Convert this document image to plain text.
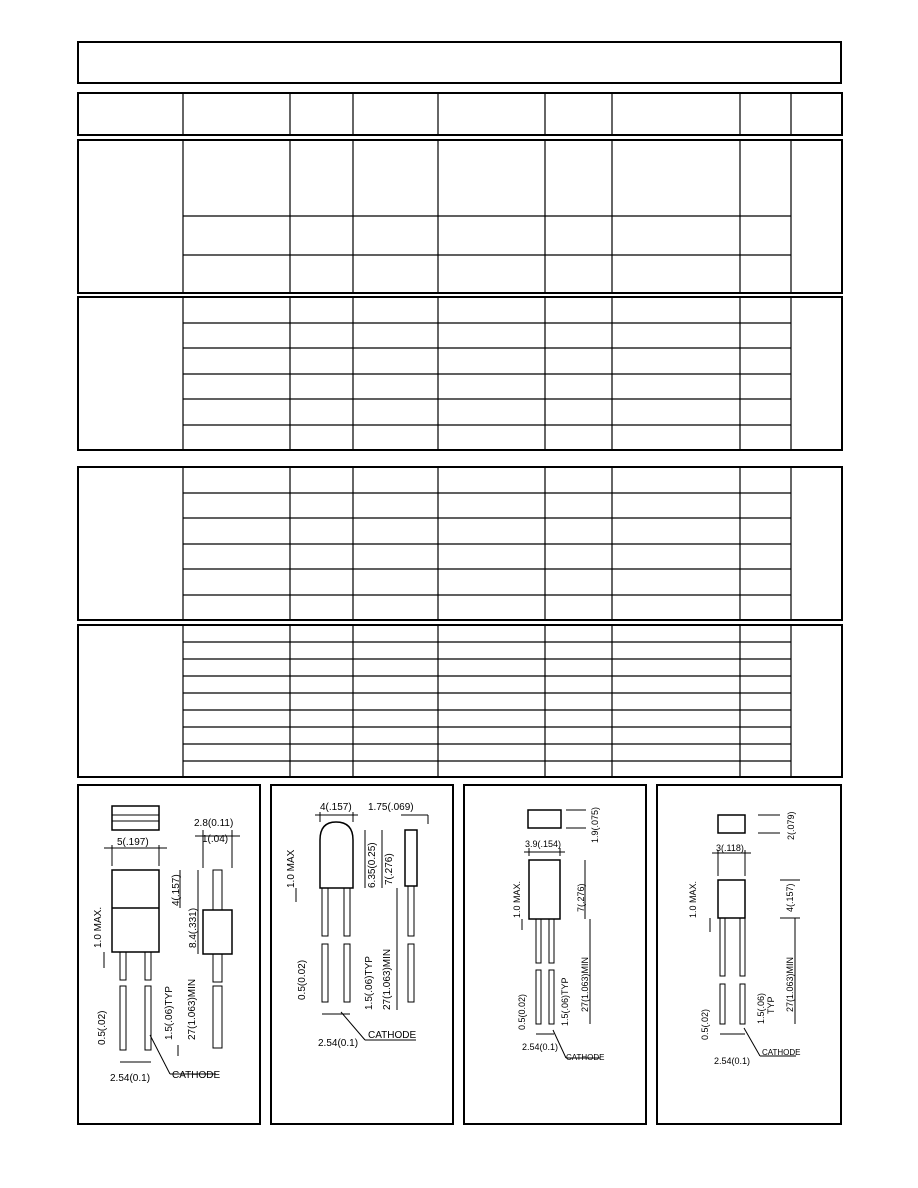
5(.197)
2.8(0.11)
1(.04)
4(.157)
8.4(.331)
1.0 MAX.
0.5(.02)	1.5(.06)TYP 27(1.063)MIN
2.54(0.1) CATHODE
4(.157) 1.75(.069)
6.35(0.25) 7(.276)
1.0 MAX
0.5(0.02)	1.5(.06)TYP 27(1.063)MIN
2.54(0.1)
CATHODE
1.9(.075)
3.9(.154)
7(.276)
1.0 MAX.
0.5(0.02)	1.5(.06)TYP 27(1.063)MIN
2.54(0.1)
CATHODE
2(.079)
3(.118)
4(.157)
1.0 MAX.
0.5(.02)
1.5(.06) TYP 27(1.063)MIN
2.54(0.1)
CATHODE
